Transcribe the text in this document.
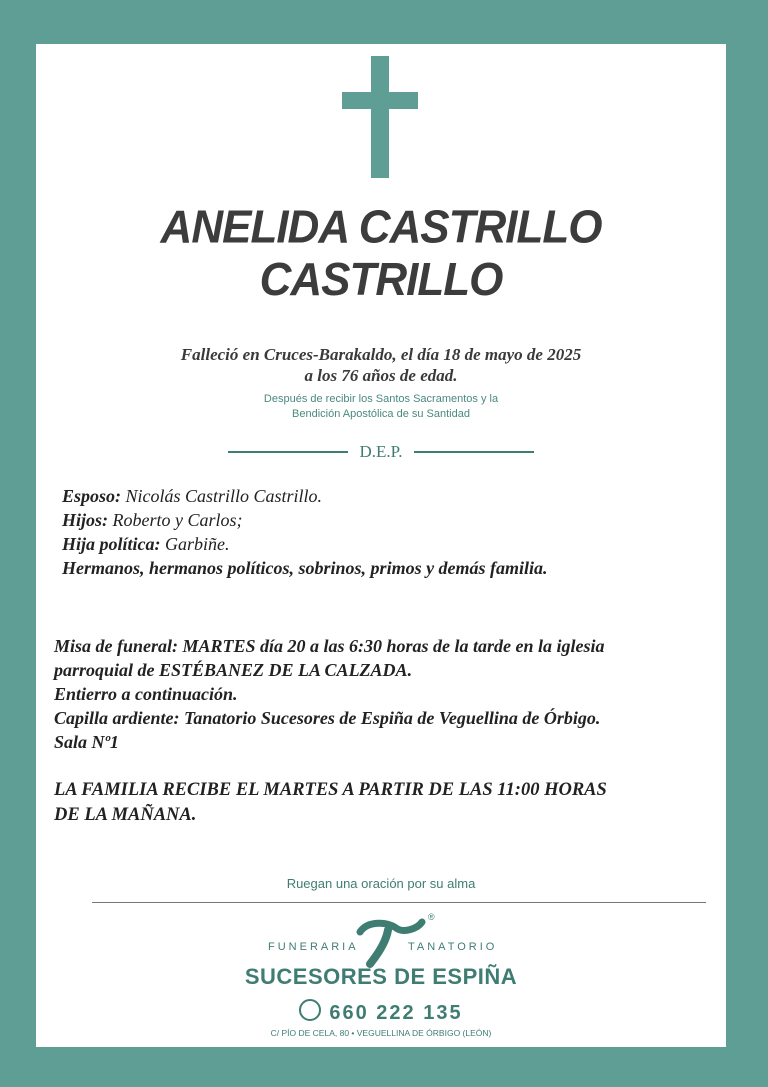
ANELIDA CASTRILLO CASTRILLO
Falleció en Cruces-Barakaldo, el día 18 de mayo de 2025
a los 76 años de edad.
Después de recibir los Santos Sacramentos y la
Bendición Apostólica de su Santidad
D.E.P.
Esposo: Nicolás Castrillo Castrillo.
Hijos: Roberto y Carlos;
Hija política: Garbiñe.
Hermanos, hermanos políticos, sobrinos, primos y demás familia.
Misa de funeral: MARTES día 20 a las 6:30 horas de la tarde en la iglesia
parroquial de ESTÉBANEZ DE LA CALZADA.
Entierro a continuación.
Capilla ardiente: Tanatorio Sucesores de Espiña de Veguellina de Órbigo.
Sala Nº1
LA FAMILIA RECIBE EL MARTES A PARTIR DE LAS 11:00 HORAS
DE LA MAÑANA.
Ruegan una oración por su alma
®
FUNERARIA	TANATORIO
SUCESORES DE ESPIÑA
660 222 135
C/ PÍO DE CELA, 80 • VEGUELLINA DE ÓRBIGO (LEÓN)
